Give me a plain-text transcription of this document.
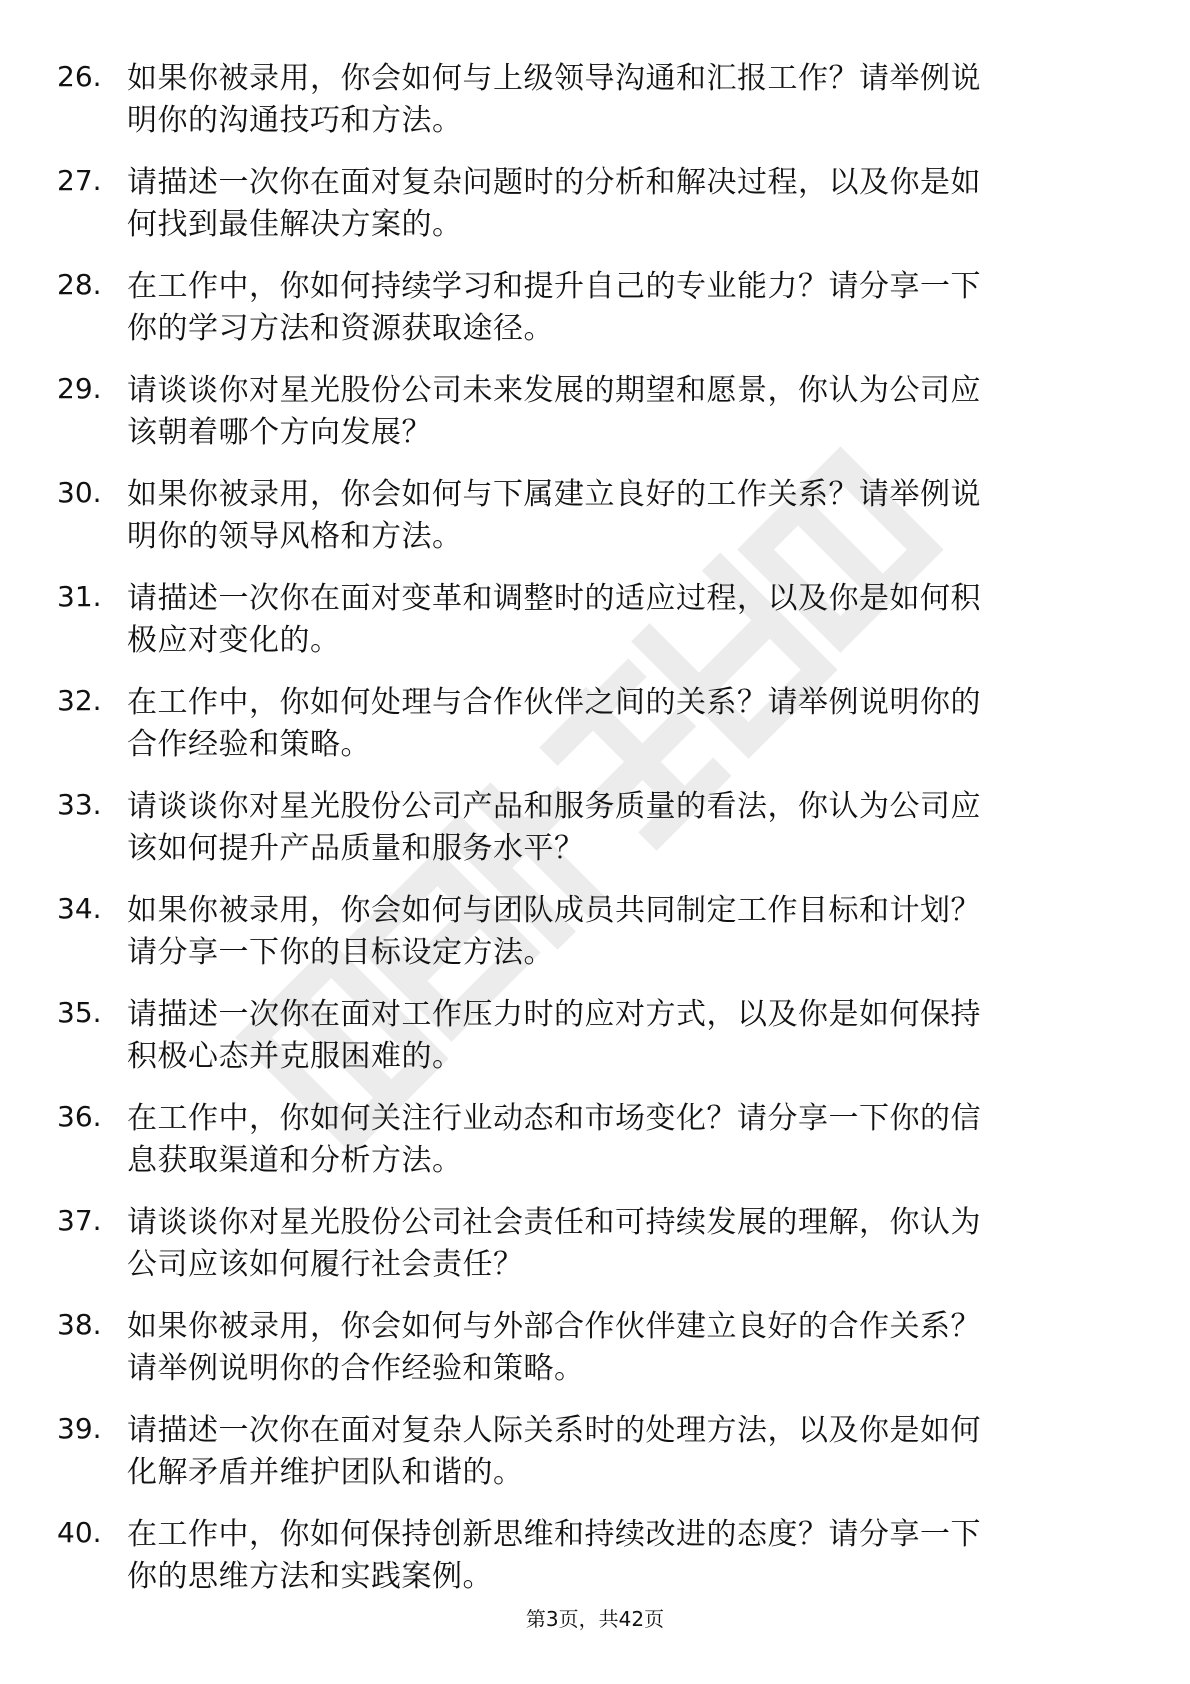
26. 如果你被录用，你会如何与上级领导沟通和汇报工作？请举例说
明你的沟通技巧和方法。
27. 请描述一次你在面对复杂问题时的分析和解决过程，以及你是如
何找到最佳解决方案的。
28. 在工作中，你如何持续学习和提升自己的专业能力？请分享一下
你的学习方法和资源获取途径。
29. 请谈谈你对星光股份公司未来发展的期望和愿景，你认为公司应
该朝着哪个方向发展？
30. 如果你被录用，你会如何与下属建立良好的工作关系？请举例说
明你的领导风格和方法。
31. 请描述一次你在面对变革和调整时的适应过程，以及你是如何积
极应对变化的。
32. 在工作中，你如何处理与合作伙伴之间的关系？请举例说明你的
合作经验和策略。
33. 请谈谈你对星光股份公司产品和服务质量的看法，你认为公司应
该如何提升产品质量和服务水平？
34. 如果你被录用，你会如何与团队成员共同制定工作目标和计划？
请分享一下你的目标设定方法。
35. 请描述一次你在面对工作压力时的应对方式，以及你是如何保持
积极心态并克服困难的。
36. 在工作中，你如何关注行业动态和市场变化？请分享一下你的信
息获取渠道和分析方法。
37. 请谈谈你对星光股份公司社会责任和可持续发展的理解，你认为
公司应该如何履行社会责任？
38. 如果你被录用，你会如何与外部合作伙伴建立良好的合作关系？
请举例说明你的合作经验和策略。
39. 请描述一次你在面对复杂人际关系时的处理方法，以及你是如何
化解矛盾并维护团队和谐的。
40. 在工作中，你如何保持创新思维和持续改进的态度？请分享一下
你的思维方法和实践案例。
第3页，共42页
